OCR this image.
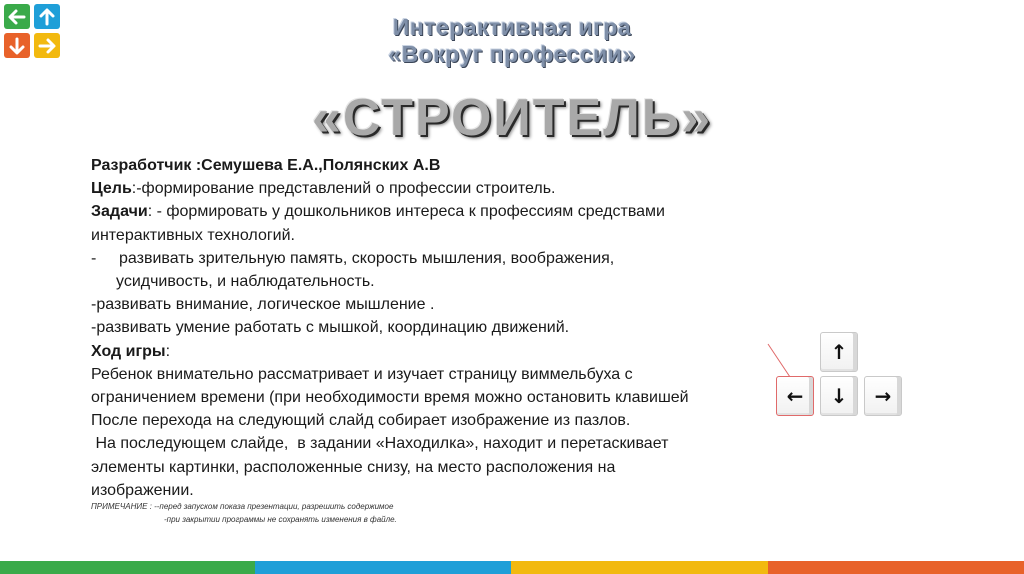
Интерактивная игра
«Вокруг профессии»
«СТРОИТЕЛЬ»

Разработчик :Семушева Е.А.,Полянских А.В

Цель:-формирование представлений о профессии строитель.

Задачи: - формировать у дошкольников интереса к профессиям средствами

интерактивных технологий.

- развивать зрительную память, скорость мышления, воображения,

усидчивость, и наблюдательность.

-развивать внимание, логическое мышление .

-развивать умение работать с мышкой, координацию движений.

Ход игры:

Ребенок внимательно рассматривает и изучает страницу виммельбуха с

ограничением времени (при необходимости время можно остановить клавишей

После перехода на следующий слайд собирает изображение из пазлов.

На последующем слайде,  в задании «Находилка», находит и перетаскивает

элементы картинки, расположенные снизу, на место расположения на

изображении.

ПРИМЕЧАНИЕ : --перед запуском показа презентации, разрешить содержимое

-при закрытии программы не сохранять изменения в файле.

↑
← ↓ →
